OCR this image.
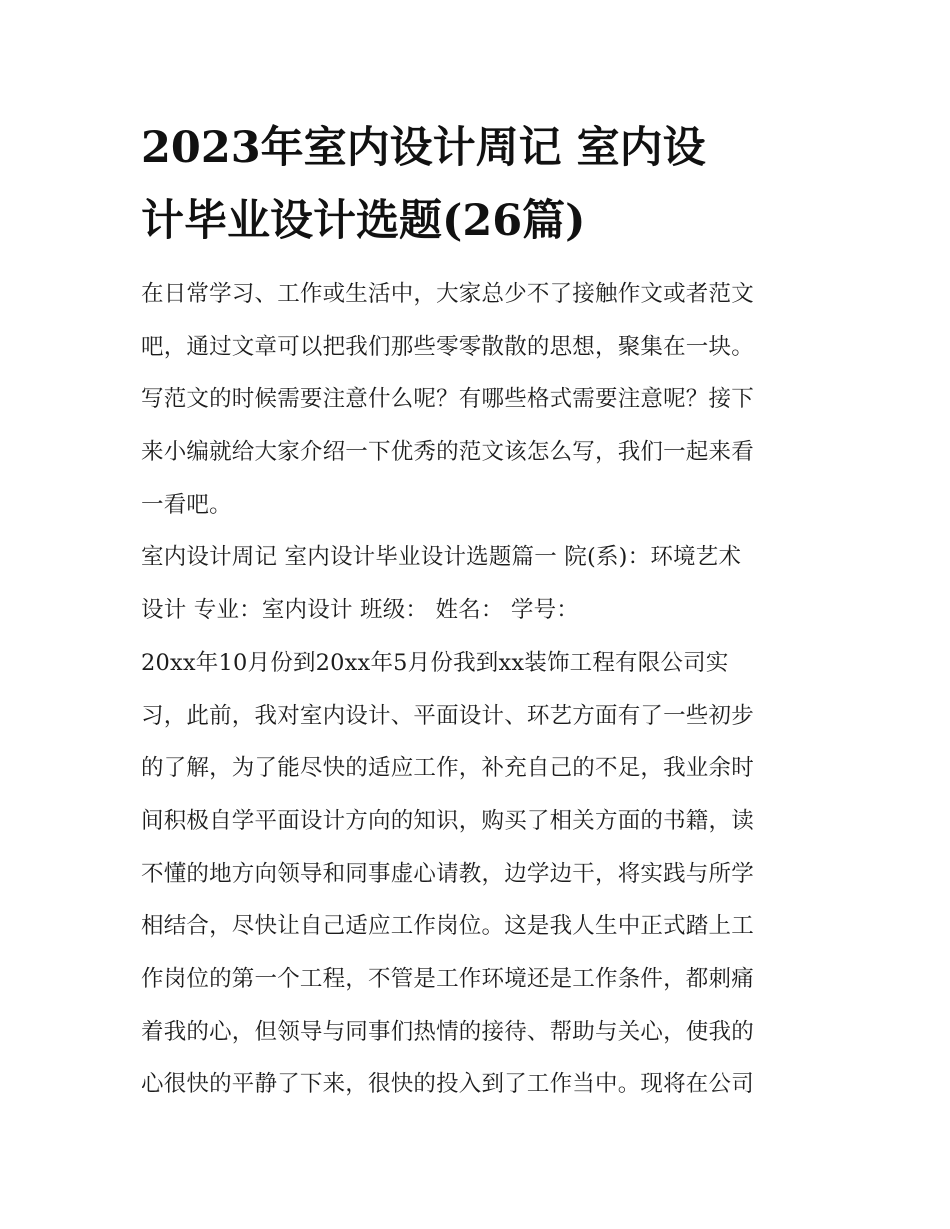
2023年室内设计周记 室内设
计毕业设计选题(26篇)

在日常学习、工作或生活中，大家总少不了接触作文或者范文
吧，通过文章可以把我们那些零零散散的思想，聚集在一块。
写范文的时候需要注意什么呢？有哪些格式需要注意呢？接下
来小编就给大家介绍一下优秀的范文该怎么写，我们一起来看
一看吧。

室内设计周记 室内设计毕业设计选题篇一 院(系)：环境艺术
设计 专业：室内设计 班级： 姓名： 学号：

20xx年10月份到20xx年5月份我到xx装饰工程有限公司实
习，此前，我对室内设计、平面设计、环艺方面有了一些初步
的了解，为了能尽快的适应工作，补充自己的不足，我业余时
间积极自学平面设计方向的知识，购买了相关方面的书籍，读
不懂的地方向领导和同事虚心请教，边学边干，将实践与所学
相结合，尽快让自己适应工作岗位。这是我人生中正式踏上工
作岗位的第一个工程，不管是工作环境还是工作条件，都刺痛
着我的心，但领导与同事们热情的接待、帮助与关心，使我的
心很快的平静了下来，很快的投入到了工作当中。现将在公司
